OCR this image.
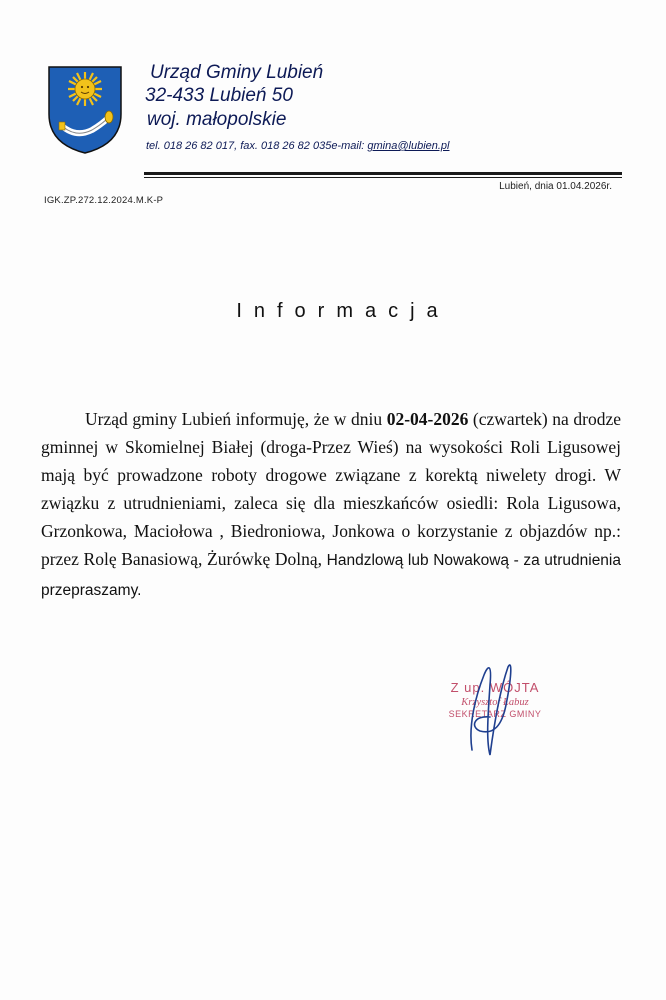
Urząd Gminy Lubień
32-433 Lubień 50
woj. małopolskie
tel. 018 26 82 017, fax. 018 26 82 035e-mail: gmina@lubien.pl
Lubień, dnia 01.04.2026r.
IGK.ZP.272.12.2024.M.K-P
Informacja

Urząd gminy Lubień informuję, że w dniu 02-04-2026 (czwartek) na drodze gminnej w Skomielnej Białej (droga-Przez Wieś) na wysokości Roli Ligusowej mają być prowadzone roboty drogowe związane z korektą niwelety drogi. W związku z utrudnieniami, zaleca się dla mieszkańców osiedli: Rola Ligusowa, Grzonkowa, Maciołowa , Biedroniowa, Jonkowa o korzystanie z objazdów np.: przez Rolę Banasiową, Żurówkę Dolną, Handzlową lub Nowakową - za utrudnienia przepraszamy.

Z up. WÓJTA
Krzysztof Łabuz
SEKRETARZ GMINY
